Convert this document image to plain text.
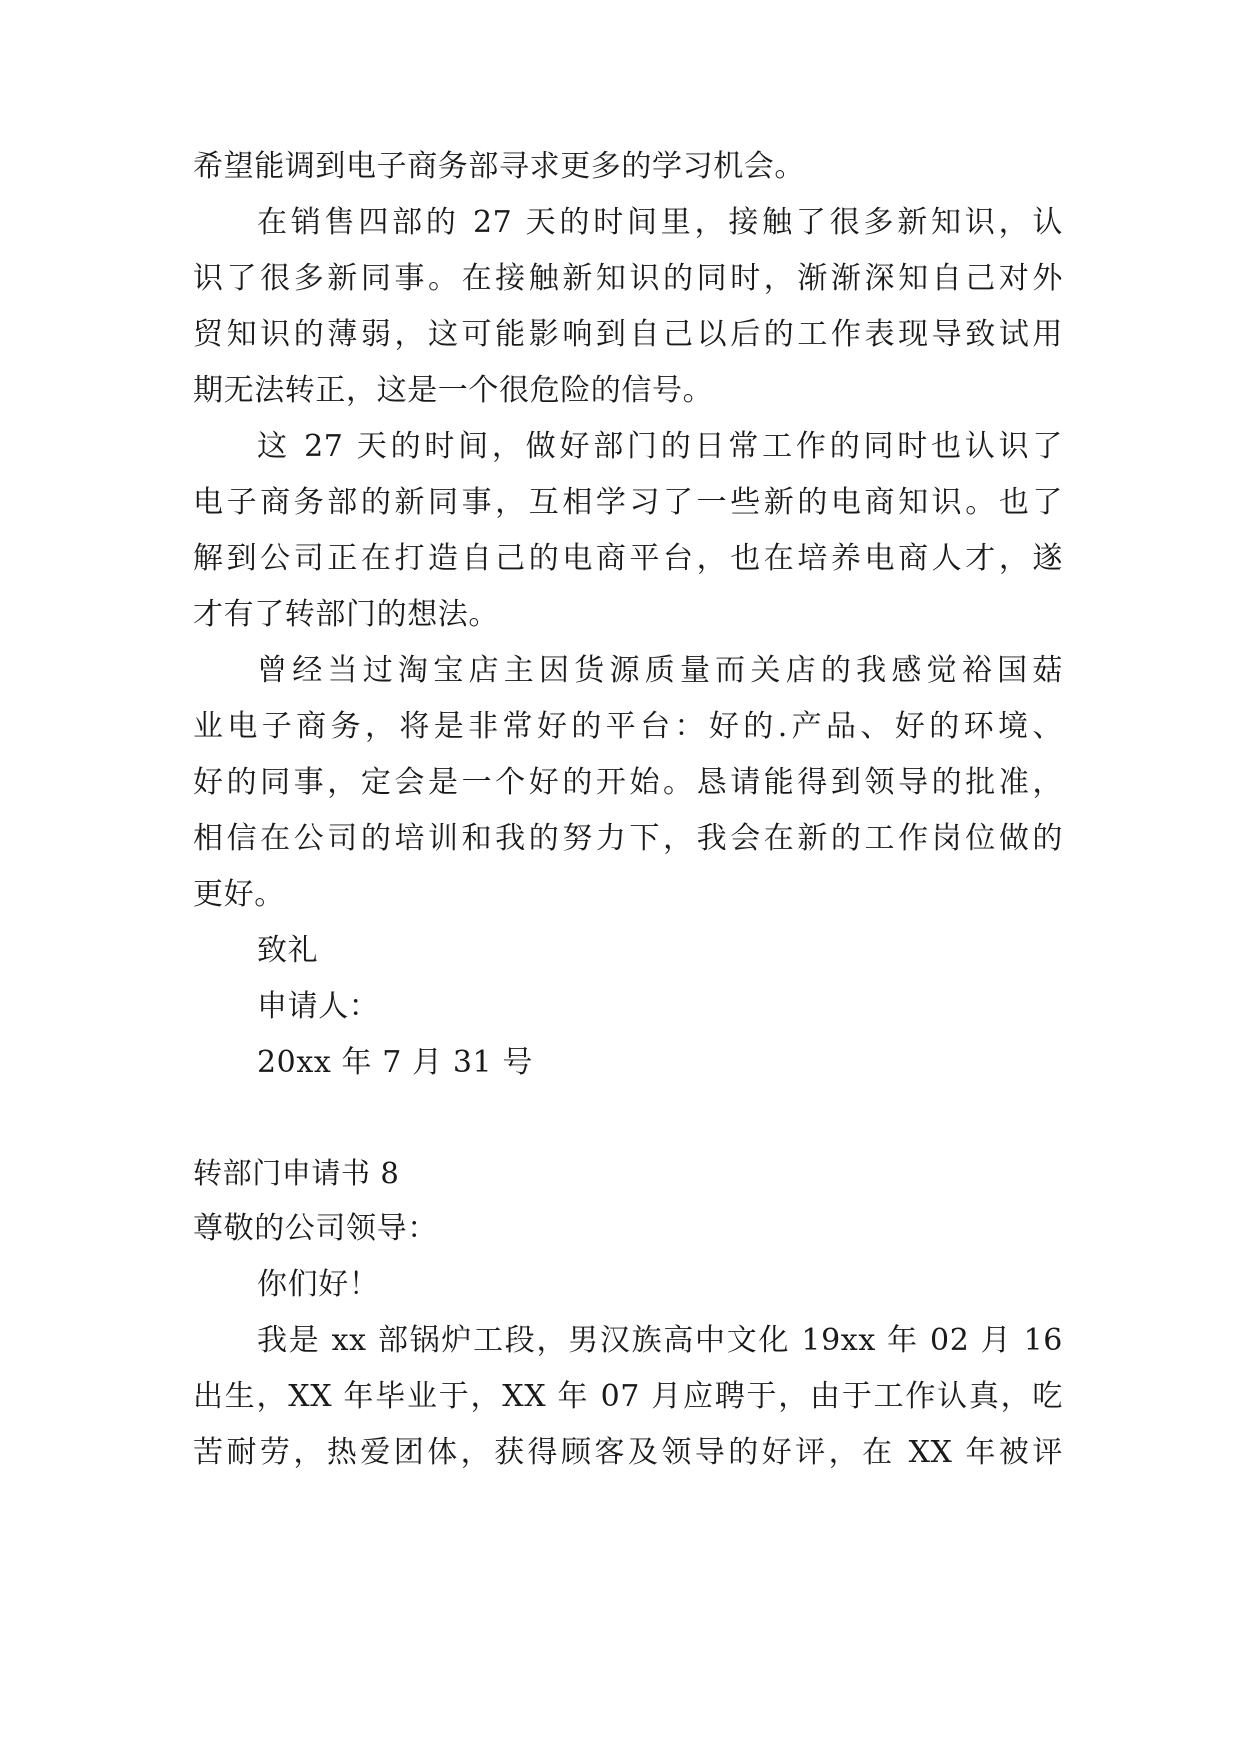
希望能调到电子商务部寻求更多的学习机会。

在销售四部的 27 天的时间里，接触了很多新知识，认

识了很多新同事。在接触新知识的同时，渐渐深知自己对外

贸知识的薄弱，这可能影响到自己以后的工作表现导致试用

期无法转正，这是一个很危险的信号。

这 27 天的时间，做好部门的日常工作的同时也认识了

电子商务部的新同事，互相学习了一些新的电商知识。也了

解到公司正在打造自己的电商平台，也在培养电商人才，遂

才有了转部门的想法。

曾经当过淘宝店主因货源质量而关店的我感觉裕国菇

业电子商务，将是非常好的平台：好的.产品、好的环境、

好的同事，定会是一个好的开始。恳请能得到领导的批准，

相信在公司的培训和我的努力下，我会在新的工作岗位做的

更好。

致礼

申请人：

20xx 年 7 月 31 号

转部门申请书 8

尊敬的公司领导：

你们好！

我是 xx 部锅炉工段，男汉族高中文化 19xx 年 02 月 16

出生，XX 年毕业于，XX 年 07 月应聘于，由于工作认真，吃

苦耐劳，热爱团体，获得顾客及领导的好评，在 XX 年被评
